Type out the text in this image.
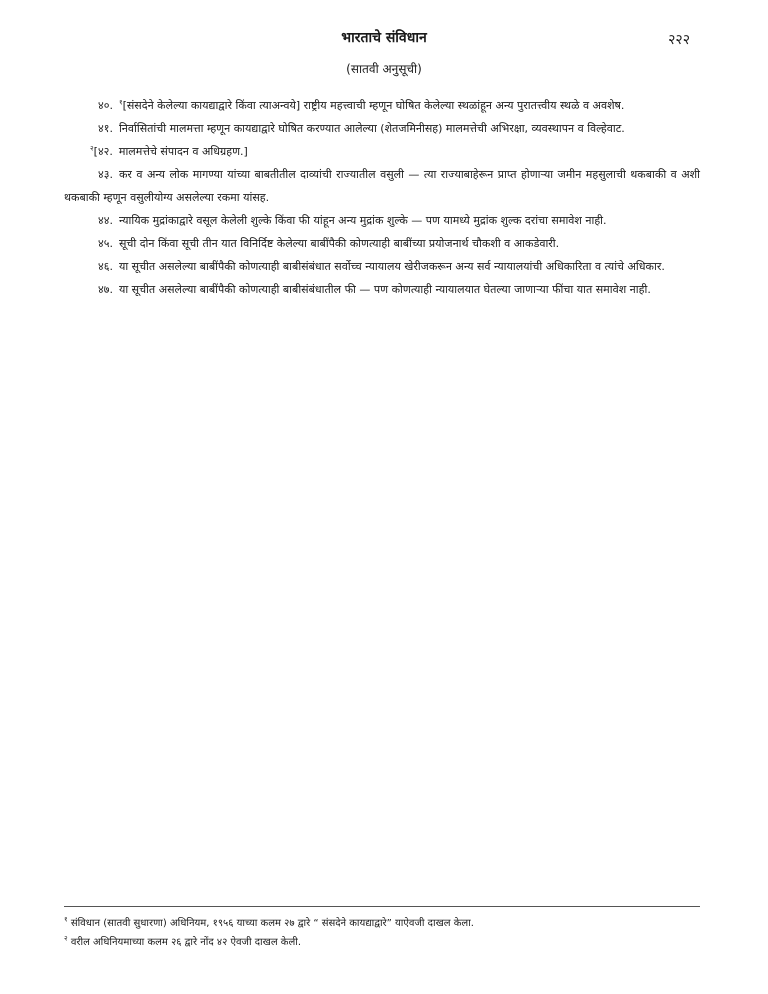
भारताचे संविधान	२२२
(सातवी अनुसूची)

४०. $^१$[संसदेने केलेल्या कायद्याद्वारे किंवा त्याअन्वये] राष्ट्रीय महत्त्वाची म्हणून घोषित केलेल्या स्थळांहून अन्य पुरातत्त्वीय स्थळे व अवशेष.

४१. निर्वासितांची मालमत्ता म्हणून कायद्याद्वारे घोषित करण्यात आलेल्या (शेतजमिनीसह) मालमत्तेची अभिरक्षा, व्यवस्थापन व विल्हेवाट.

$^२$[४२. मालमत्तेचे संपादन व अधिग्रहण.]

४३. कर व अन्य लोक मागण्या यांच्या बाबतीतील दाव्यांची राज्यातील वसुली — त्या राज्याबाहेरून प्राप्त होणाऱ्या जमीन महसुलाची थकबाकी व अशी थकबाकी म्हणून वसुलीयोग्य असलेल्या रकमा यांसह.

४४. न्यायिक मुद्रांकाद्वारे वसूल केलेली शुल्के किंवा फी यांहून अन्य मुद्रांक शुल्के — पण यामध्ये मुद्रांक शुल्क दरांचा समावेश नाही.

४५. सूची दोन किंवा सूची तीन यात विनिर्दिष्ट केलेल्या बाबींपैकी कोणत्याही बाबींच्या प्रयोजनार्थ चौकशी व आकडेवारी.

४६. या सूचीत असलेल्या बाबींपैकी कोणत्याही बाबीसंबंधात सर्वोच्च न्यायालय खेरीजकरून अन्य सर्व न्यायालयांची अधिकारिता व त्यांचे अधिकार.

४७. या सूचीत असलेल्या बाबींपैकी कोणत्याही बाबीसंबंधातील फी — पण कोणत्याही न्यायालयात घेतल्या जाणाऱ्या फींचा यात समावेश नाही.

$^१$ संविधान (सातवी सुधारणा) अधिनियम, १९५६ याच्या कलम २७ द्वारे “ संसदेने कायद्याद्वारे” याऐवजी दाखल केला.

$^२$ वरील अधिनियमाच्या कलम २६ द्वारे नोंद ४२ ऐवजी दाखल केली.
